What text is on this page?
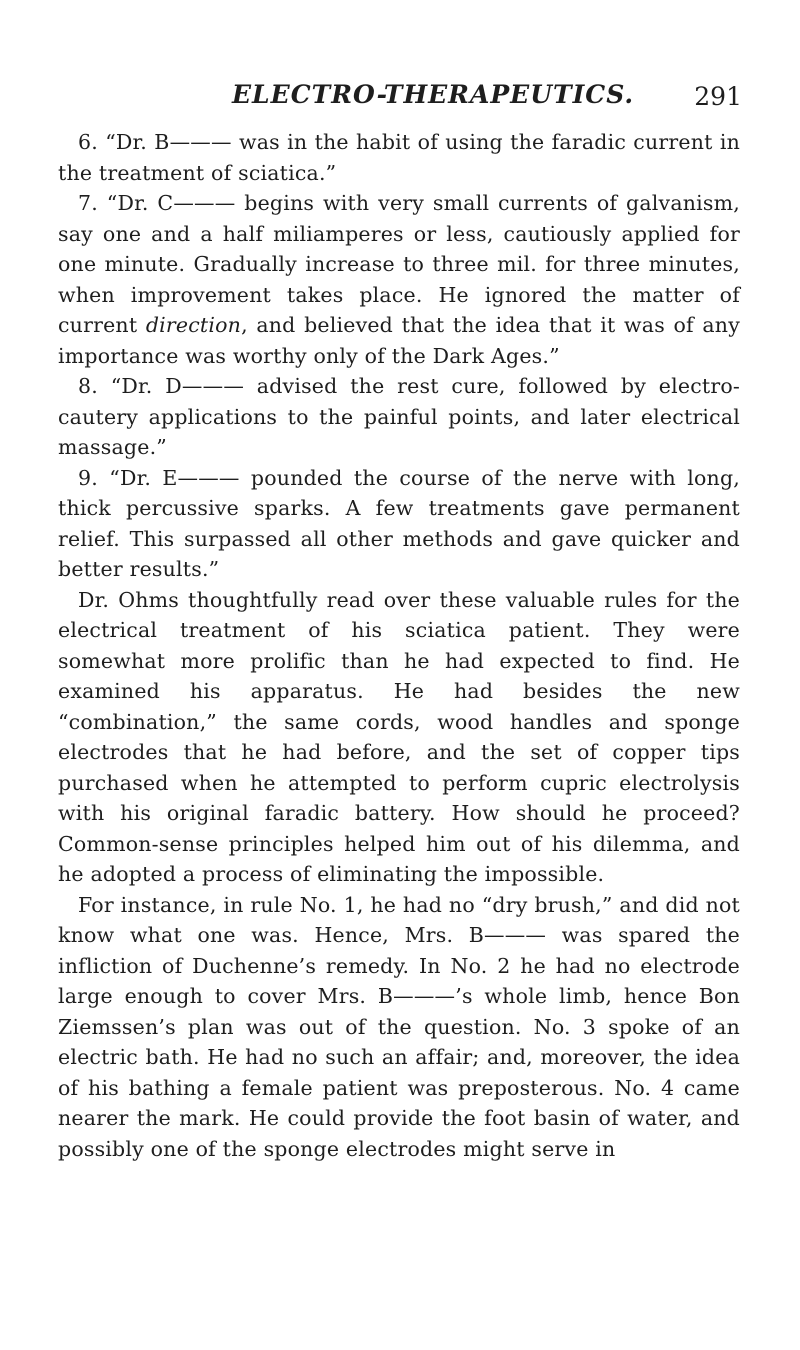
ELECTRO-THERAPEUTICS. 291

6. “Dr. B——— was in the habit of using the faradic current in the treatment of sciatica.”

7. “Dr. C——— begins with very small currents of galvanism, say one and a half miliamperes or less, cautiously applied for one minute. Gradually increase to three mil. for three minutes, when improvement takes place. He ignored the matter of current direction, and believed that the idea that it was of any importance was worthy only of the Dark Ages.”

8. “Dr. D——— advised the rest cure, followed by electro-cautery applications to the painful points, and later electrical massage.”

9. “Dr. E——— pounded the course of the nerve with long, thick percussive sparks. A few treatments gave permanent relief. This surpassed all other methods and gave quicker and better results.”

Dr. Ohms thoughtfully read over these valuable rules for the electrical treatment of his sciatica patient. They were somewhat more prolific than he had expected to find. He examined his apparatus. He had besides the new “combination,” the same cords, wood handles and sponge electrodes that he had before, and the set of copper tips purchased when he attempted to perform cupric electrolysis with his original faradic battery. How should he proceed? Common-sense principles helped him out of his dilemma, and he adopted a process of eliminating the impossible.

For instance, in rule No. 1, he had no “dry brush,” and did not know what one was. Hence, Mrs. B——— was spared the infliction of Duchenne’s remedy. In No. 2 he had no electrode large enough to cover Mrs. B———’s whole limb, hence Bon Ziemssen’s plan was out of the question. No. 3 spoke of an electric bath. He had no such an affair; and, moreover, the idea of his bathing a female patient was preposterous. No. 4 came nearer the mark. He could provide the foot basin of water, and possibly one of the sponge electrodes might serve in
